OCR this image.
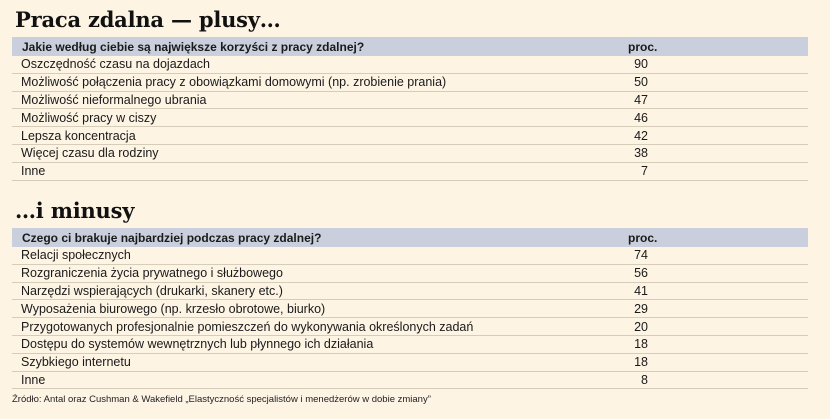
Praca zdalna — plusy…
Jakie według ciebie są największe korzyści z pracy zdalnej?	proc.
Oszczędność czasu na dojazdach	90
Możliwość połączenia pracy z obowiązkami domowymi (np. zrobienie prania)	50
Możliwość nieformalnego ubrania	47
Możliwość pracy w ciszy	46
Lepsza koncentracja	42
Więcej czasu dla rodziny	38
Inne	7
…i minusy
Czego ci brakuje najbardziej podczas pracy zdalnej?	proc.
Relacji społecznych	74
Rozgraniczenia życia prywatnego i służbowego	56
Narzędzi wspierających (drukarki, skanery etc.)	41
Wyposażenia biurowego (np. krzesło obrotowe, biurko)	29
Przygotowanych profesjonalnie pomieszczeń do wykonywania określonych zadań	20
Dostępu do systemów wewnętrznych lub płynnego ich działania	18
Szybkiego internetu	18
Inne	8
Źródło: Antal oraz Cushman & Wakefield „Elastyczność specjalistów i menedżerów w dobie zmiany”
